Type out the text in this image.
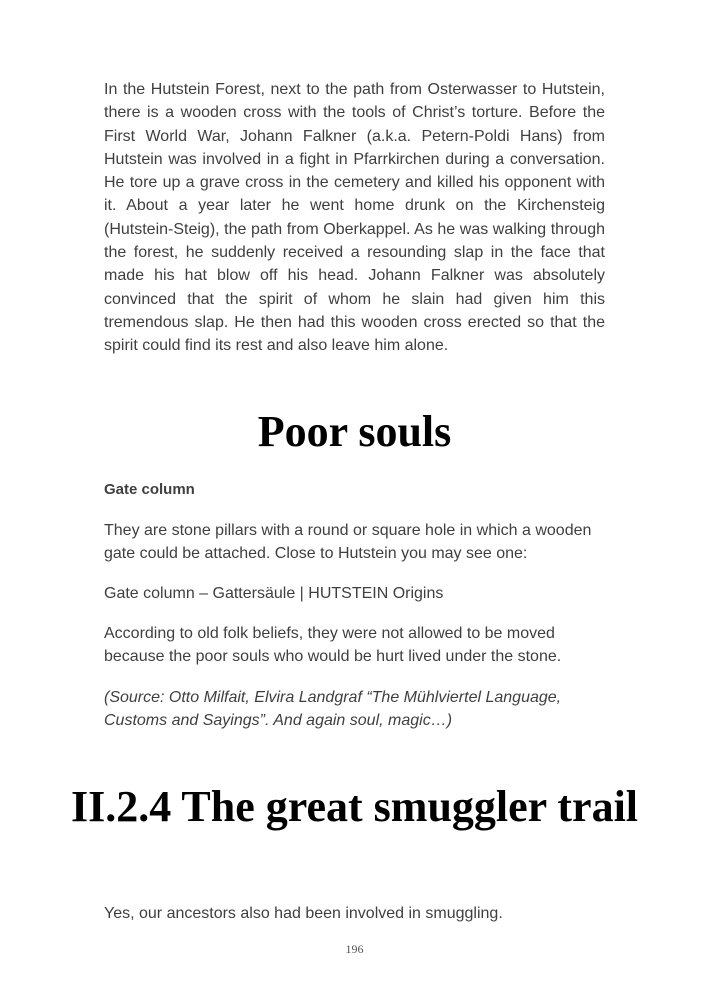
In the Hutstein Forest, next to the path from Osterwasser to Hutstein, there is a wooden cross with the tools of Christ’s torture. Before the First World War, Johann Falkner (a.k.a. Petern-Poldi Hans) from Hutstein was involved in a fight in Pfarrkirchen during a conversation. He tore up a grave cross in the cemetery and killed his opponent with it. About a year later he went home drunk on the Kirchensteig (Hutstein-Steig), the path from Oberkappel. As he was walking through the forest, he suddenly received a resounding slap in the face that made his hat blow off his head. Johann Falkner was absolutely convinced that the spirit of whom he slain had given him this tremendous slap. He then had this wooden cross erected so that the spirit could find its rest and also leave him alone.

Poor souls
Gate column

They are stone pillars with a round or square hole in which a wooden gate could be attached. Close to Hutstein you may see one:

Gate column – Gattersäule | HUTSTEIN Origins

According to old folk beliefs, they were not allowed to be moved because the poor souls who would be hurt lived under the stone.

(Source: Otto Milfait, Elvira Landgraf “The Mühlviertel Language, Customs and Sayings”. And again soul, magic…)

II.2.4 The great smuggler trail

Yes, our ancestors also had been involved in smuggling.

196
